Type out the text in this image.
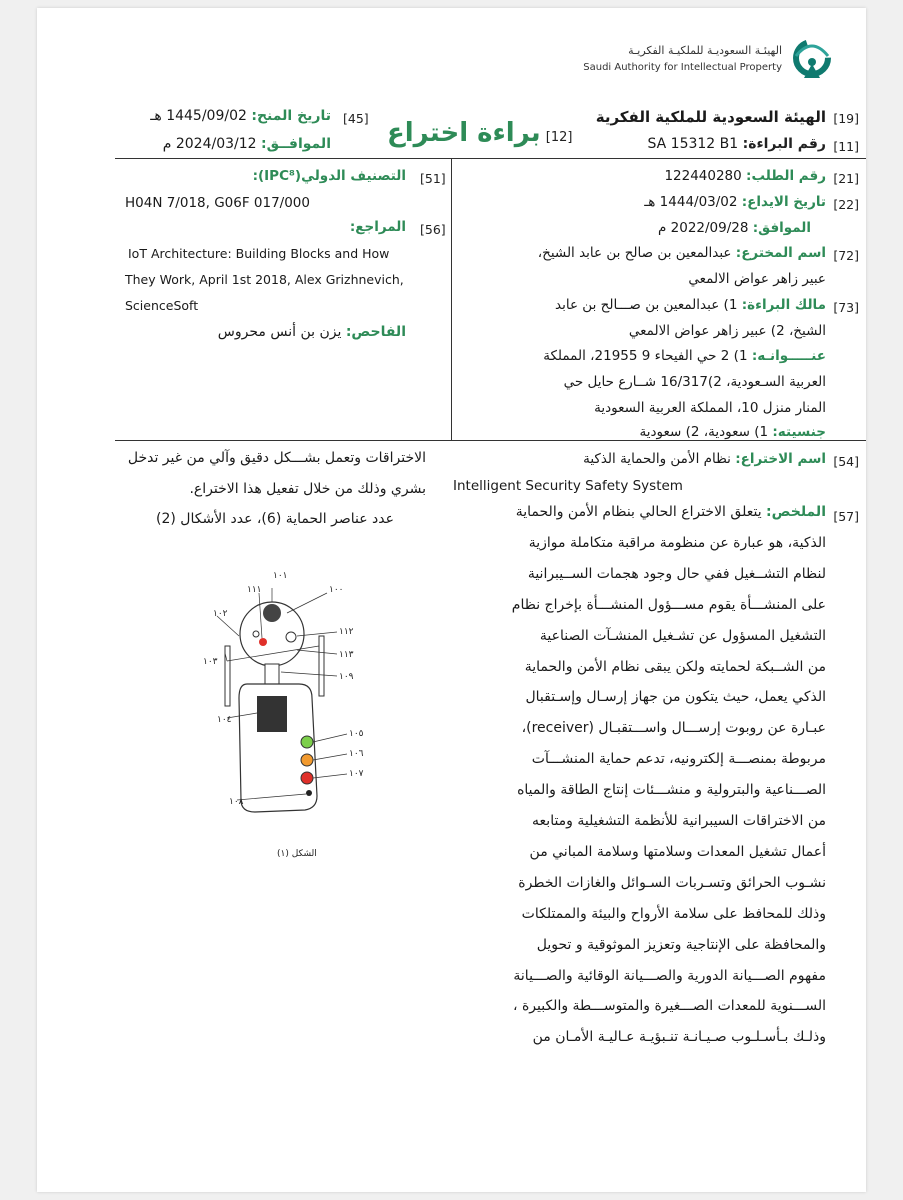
الهيئـة السعوديـة للملكيـة الفكريـة
Saudi Authority for Intellectual Property
[19]
الهيئة السعودية للملكية الفكرية
[11]
رقم البراءة: SA 15312 B1
[12] براءة اختراع
[45]
تاريخ المنح: 1445/09/02 هـ
الموافــق: 2024/03/12 م
[51]
التصنيف الدولي(IPC⁸):
H04N 7/018, G06F 017/000
[56]
المراجع:
IoT Architecture: Building Blocks and How
They Work, April 1st 2018, Alex Grizhnevich,
ScienceSoft
الفاحص: يزن بن أنس محروس
[21]
رقم الطلب: 122440280
[22]
تاريخ الايداع: 1444/03/02 هـ
الموافق: 2022/09/28 م
[72]
اسم المخترع: عبدالمعين بن صالح بن عابد الشيخ،
عبير زاهر عواض الالمعي
[73]
مالك البراءة: 1) عبدالمعين بن صـــالح بن عابد
الشيخ، 2) عبير زاهر عواض الالمعي
عنـــــوانـه: 1) 2 حي الفيحاء 9 21955، المملكة
العربية السـعودية، 2)16/317 شــارع حايل حي
المنار منزل 10، المملكة العربية السعودية
جنسيته: 1) سعودية، 2) سعودية
[54]
اسم الاختراع: نظام الأمن والحماية الذكية
Intelligent Security Safety System
[57]
الملخص: يتعلق الاختراع الحالي بنظام الأمن والحماية
الذكية، هو عبارة عن منظومة مراقبة متكاملة موازية
لنظام التشــغيل ففي حال وجود هجمات الســيبرانية
على المنشـــأة يقوم مســـؤول المنشـــأة بإخراج نظام
التشغيل المسؤول عن تشـغيل المنشـآت الصناعية
من الشــبكة لحمايته ولكن يبقى نظام الأمن والحماية
الذكي يعمل، حيث يتكون من جهاز إرسـال وإسـتقبال
عبـارة عن روبوت إرســـال واســـتقبـال (receiver)،
مربوطة بمنصـــة إلكترونيه، تدعم حماية المنشـــآت
الصـــناعية والبترولية و منشـــئات إنتاج الطاقة والمياه
من الاختراقات السيبرانية للأنظمة التشغيلية ومتابعه
أعمال تشغيل المعدات وسلامتها وسلامة المباني من
نشـوب الحرائق وتسـربات السـوائل والغازات الخطرة
وذلك للمحافظ على سلامة الأرواح والبيئة والممتلكات
والمحافظة على الإنتاجية وتعزيز الموثوقية و تحويل
مفهوم الصـــيانة الدورية والصـــيانة الوقائية والصـــيانة
الســـنوية للمعدات الصـــغيرة والمتوســـطة والكبيرة ،
وذلـك بـأسـلـوب صـيـانـة تنـبؤيـة عـاليـة الأمـان من
الاختراقات وتعمل بشـــكل دقيق وآلي من غير تدخل
بشري وذلك من خلال تفعيل هذا الاختراع.
عدد عناصر الحماية (6)، عدد الأشكال (2)
١٠١
١٠٠
١١١
١٠٢
١١٢
١١٣
١٠٣
١٠٩
١٠٤
١٠٥
١٠٦
١٠٧
١٠٨
الشكل (١)
